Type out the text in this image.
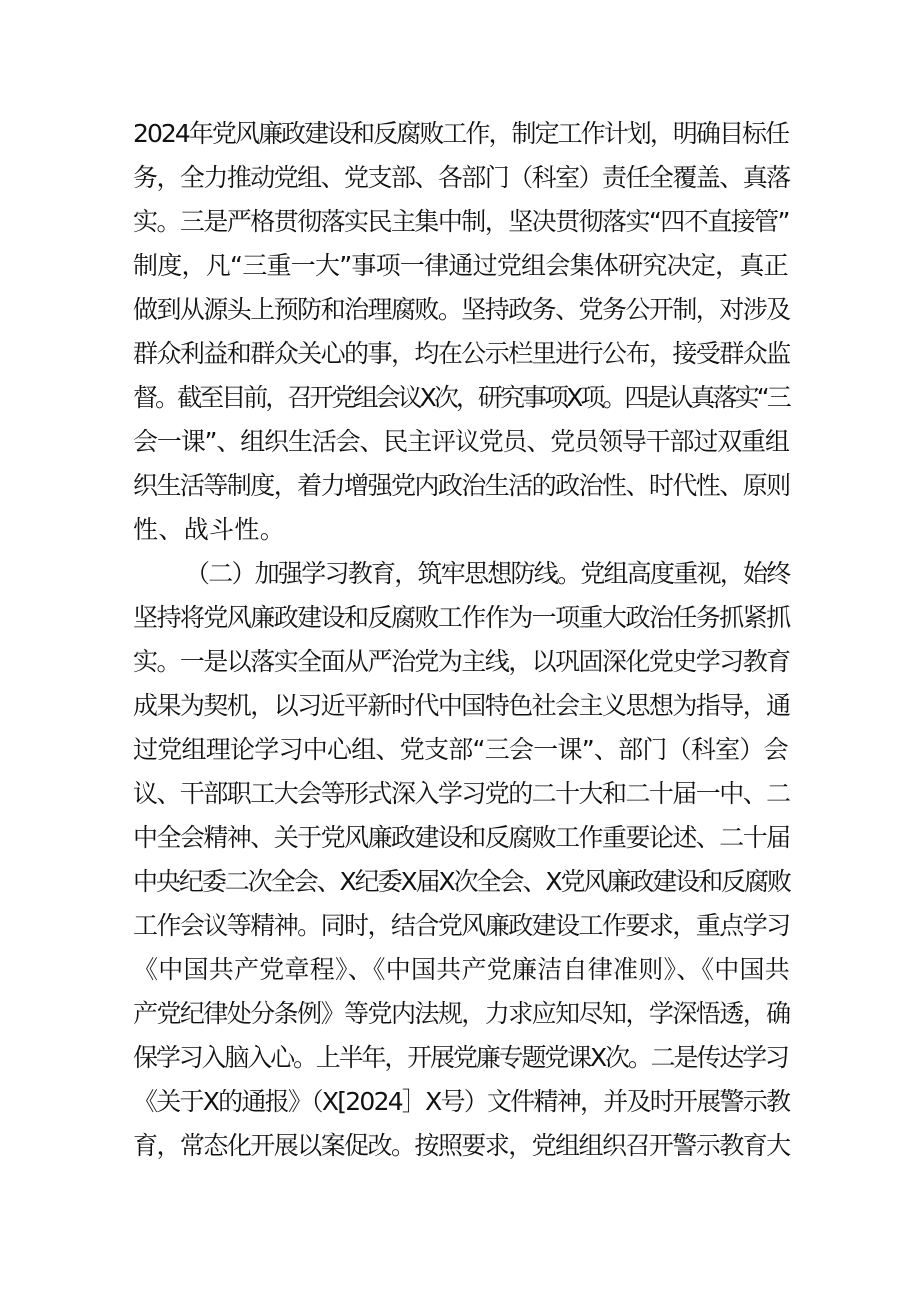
2024年党风廉政建设和反腐败工作，制定工作计划，明确目标任
务，全力推动党组、党支部、各部门（科室）责任全覆盖、真落
实。三是严格贯彻落实民主集中制，坚决贯彻落实“四不直接管”
制度，凡“三重一大”事项一律通过党组会集体研究决定，真正
做到从源头上预防和治理腐败。坚持政务、党务公开制，对涉及
群众利益和群众关心的事，均在公示栏里进行公布，接受群众监
督。截至目前，召开党组会议X次，研究事项X项。四是认真落实“三
会一课”、组织生活会、民主评议党员、党员领导干部过双重组
织生活等制度，着力增强党内政治生活的政治性、时代性、原则
性、战斗性。
（二）加强学习教育，筑牢思想防线。党组高度重视，始终
坚持将党风廉政建设和反腐败工作作为一项重大政治任务抓紧抓
实。一是以落实全面从严治党为主线，以巩固深化党史学习教育
成果为契机，以习近平新时代中国特色社会主义思想为指导，通
过党组理论学习中心组、党支部“三会一课”、部门（科室）会
议、干部职工大会等形式深入学习党的二十大和二十届一中、二
中全会精神、关于党风廉政建设和反腐败工作重要论述、二十届
中央纪委二次全会、X纪委X届X次全会、X党风廉政建设和反腐败
工作会议等精神。同时，结合党风廉政建设工作要求，重点学习
《中国共产党章程》、《中国共产党廉洁自律准则》、《中国共
产党纪律处分条例》等党内法规，力求应知尽知，学深悟透，确
保学习入脑入心。上半年，开展党廉专题党课X次。二是传达学习
《关于X的通报》（X[2024］X号）文件精神，并及时开展警示教
育，常态化开展以案促改。按照要求，党组组织召开警示教育大
